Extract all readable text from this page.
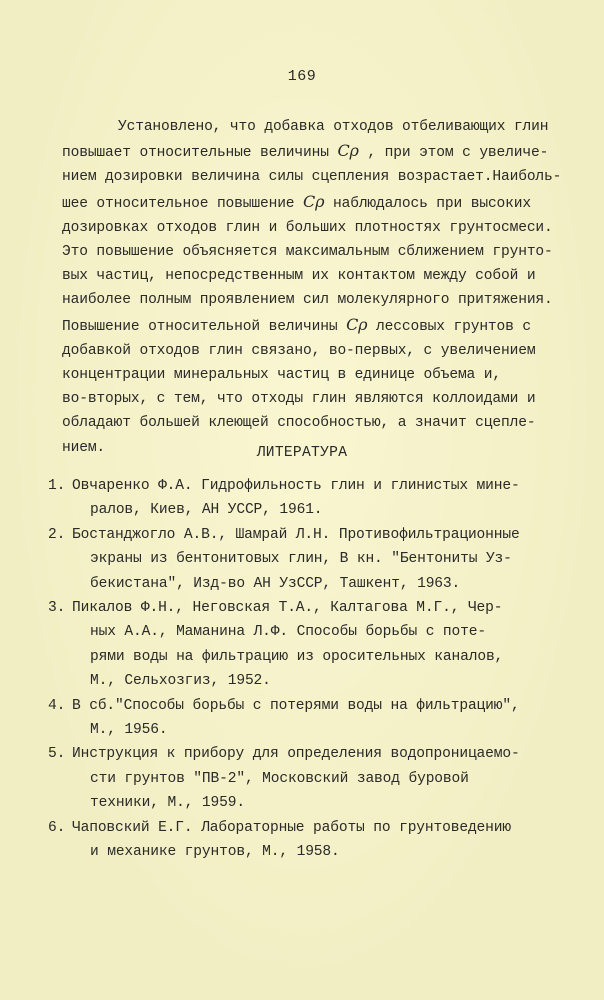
169

Установлено, что добавка отходов отбеливающих глин
повышает относительные величины Cρ , при этом с увеличе-
нием дозировки величина силы сцепления возрастает.Наиболь-
шее относительное повышение Cρ наблюдалось при высоких
дозировках отходов глин и больших плотностях грунтосмеси.
Это повышение объясняется максимальным сближением грунто-
вых частиц, непосредственным их контактом между собой и
наиболее полным проявлением сил молекулярного притяжения.
Повышение относительной величины Cρ лессовых грунтов с
добавкой отходов глин связано, во-первых, с увеличением
концентрации минеральных частиц в единице объема и,
во-вторых, с тем, что отходы глин являются коллоидами и
обладают большей клеющей способностью, а значит сцепле-
нием.	ЛИТЕРАТУРА
1. Овчаренко Ф.А. Гидрофильность глин и глинистых мине-
ралов, Киев, АН УССР, 1961.
2. Бостанджогло А.В., Шамрай Л.Н. Противофильтрационные
экраны из бентонитовых глин, В кн. "Бентониты Уз-
бекистана", Изд-во АН УзССР, Ташкент, 1963.
3. Пикалов Ф.Н., Неговская Т.А., Калтагова М.Г., Чер-
ных А.А., Маманина Л.Ф. Способы борьбы с поте-
рями воды на фильтрацию из оросительных каналов,
М., Сельхозгиз, 1952.
4. В сб."Способы борьбы с потерями воды на фильтрацию",
М., 1956.
5. Инструкция к прибору для определения водопроницаемо-
сти грунтов "ПВ-2", Московский завод буровой
техники, М., 1959.
6. Чаповский Е.Г. Лабораторные работы по грунтоведению
и механике грунтов, М., 1958.
